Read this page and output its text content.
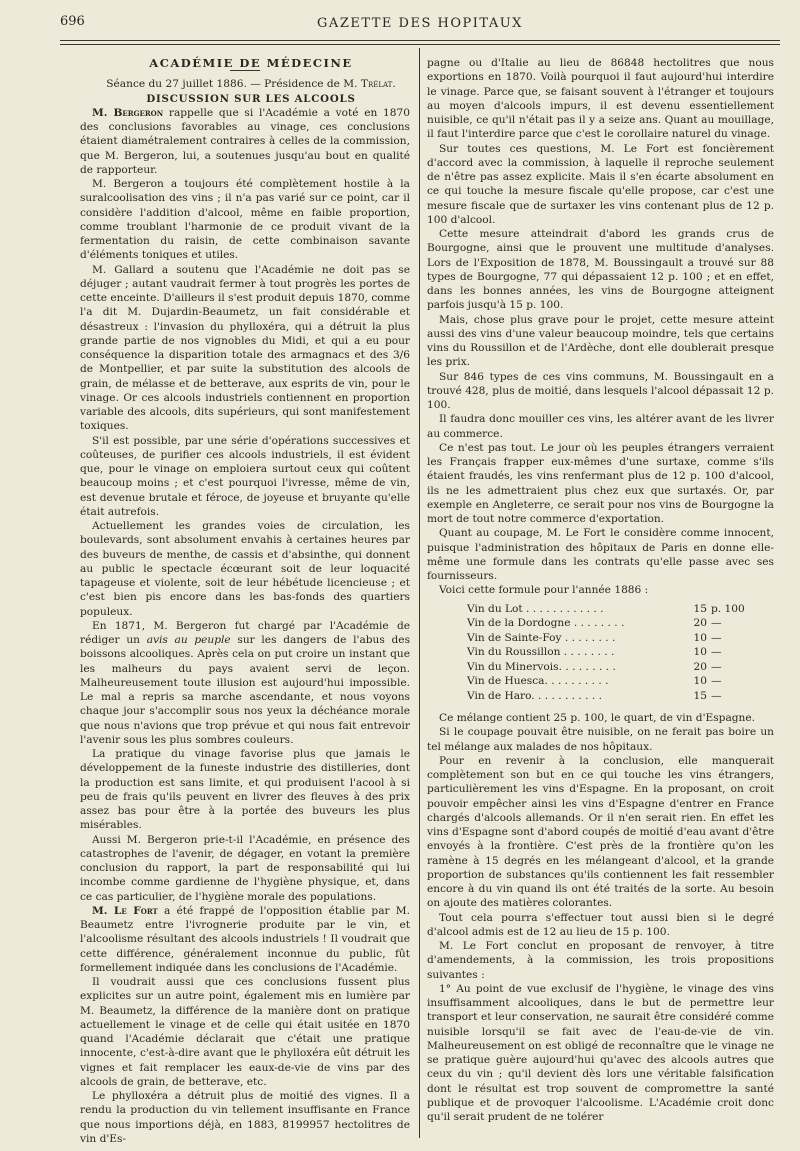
696	GAZETTE DES HOPITAUX

ACADÉMIE DE MÉDECINE

Séance du 27 juillet 1886. — Présidence de M. Trélat.

DISCUSSION SUR LES ALCOOLS

M. Bergeron rappelle que si l'Académie a voté en 1870 des conclusions favorables au vinage, ces conclusions étaient diamétralement contraires à celles de la commission, que M. Bergeron, lui, a soutenues jusqu'au bout en qualité de rapporteur.

M. Bergeron a toujours été complètement hostile à la suralcoolisation des vins ; il n'a pas varié sur ce point, car il considère l'addition d'alcool, même en faible proportion, comme troublant l'harmonie de ce produit vivant de la fermentation du raisin, de cette combinaison savante d'éléments toniques et utiles.

M. Gallard a soutenu que l'Académie ne doit pas se déjuger ; autant vaudrait fermer à tout progrès les portes de cette enceinte. D'ailleurs il s'est produit depuis 1870, comme l'a dit M. Dujardin-Beaumetz, un fait considérable et désastreux : l'invasion du phylloxéra, qui a détruit la plus grande partie de nos vignobles du Midi, et qui a eu pour conséquence la disparition totale des armagnacs et des 3/6 de Montpellier, et par suite la substitution des alcools de grain, de mélasse et de betterave, aux esprits de vin, pour le vinage. Or ces alcools industriels contiennent en proportion variable des alcools, dits supérieurs, qui sont manifestement toxiques.

S'il est possible, par une série d'opérations successives et coûteuses, de purifier ces alcools industriels, il est évident que, pour le vinage on emploiera surtout ceux qui coûtent beaucoup moins ; et c'est pourquoi l'ivresse, même de vin, est devenue brutale et féroce, de joyeuse et bruyante qu'elle était autrefois.

Actuellement les grandes voies de circulation, les boulevards, sont absolument envahis à certaines heures par des buveurs de menthe, de cassis et d'absinthe, qui donnent au public le spectacle écœurant soit de leur loquacité tapageuse et violente, soit de leur hébétude licencieuse ; et c'est bien pis encore dans les bas-fonds des quartiers populeux.

En 1871, M. Bergeron fut chargé par l'Académie de rédiger un avis au peuple sur les dangers de l'abus des boissons alcooliques. Après cela on put croire un instant que les malheurs du pays avaient servi de leçon. Malheureusement toute illusion est aujourd'hui impossible. Le mal a repris sa marche ascendante, et nous voyons chaque jour s'accomplir sous nos yeux la déchéance morale que nous n'avions que trop prévue et qui nous fait entrevoir l'avenir sous les plus sombres couleurs.

La pratique du vinage favorise plus que jamais le développement de la funeste industrie des distilleries, dont la production est sans limite, et qui produisent l'acool à si peu de frais qu'ils peuvent en livrer des fleuves à des prix assez bas pour être à la portée des buveurs les plus misérables.

Aussi M. Bergeron prie-t-il l'Académie, en présence des catastrophes de l'avenir, de dégager, en votant la première conclusion du rapport, la part de responsabilité qui lui incombe comme gardienne de l'hygiène physique, et, dans ce cas particulier, de l'hygiène morale des populations.

M. Le Fort a été frappé de l'opposition établie par M. Beaumetz entre l'ivrognerie produite par le vin, et l'alcoolisme résultant des alcools industriels ! Il voudrait que cette différence, généralement inconnue du public, fût formellement indiquée dans les conclusions de l'Académie.

Il voudrait aussi que ces conclusions fussent plus explicites sur un autre point, également mis en lumière par M. Beaumetz, la différence de la manière dont on pratique actuellement le vinage et de celle qui était usitée en 1870 quand l'Académie déclarait que c'était une pratique innocente, c'est-à-dire avant que le phylloxéra eût détruit les vignes et fait remplacer les eaux-de-vie de vins par des alcools de grain, de betterave, etc.

Le phylloxéra a détruit plus de moitié des vignes. Il a rendu la production du vin tellement insuffisante en France que nous importions déjà, en 1883, 8199957 hectolitres de vin d'Es-

pagne ou d'Italie au lieu de 86848 hectolitres que nous exportions en 1870. Voilà pourquoi il faut aujourd'hui interdire le vinage. Parce que, se faisant souvent à l'étranger et toujours au moyen d'alcools impurs, il est devenu essentiellement nuisible, ce qu'il n'était pas il y a seize ans. Quant au mouillage, il faut l'interdire parce que c'est le corollaire naturel du vinage.

Sur toutes ces questions, M. Le Fort est foncièrement d'accord avec la commission, à laquelle il reproche seulement de n'être pas assez explicite. Mais il s'en écarte absolument en ce qui touche la mesure fiscale qu'elle propose, car c'est une mesure fiscale que de surtaxer les vins contenant plus de 12 p. 100 d'alcool.

Cette mesure atteindrait d'abord les grands crus de Bourgogne, ainsi que le prouvent une multitude d'analyses. Lors de l'Exposition de 1878, M. Boussingault a trouvé sur 88 types de Bourgogne, 77 qui dépassaient 12 p. 100 ; et en effet, dans les bonnes années, les vins de Bourgogne atteignent parfois jusqu'à 15 p. 100.

Mais, chose plus grave pour le projet, cette mesure atteint aussi des vins d'une valeur beaucoup moindre, tels que certains vins du Roussillon et de l'Ardèche, dont elle doublerait presque les prix.

Sur 846 types de ces vins communs, M. Boussingault en a trouvé 428, plus de moitié, dans lesquels l'alcool dépassait 12 p. 100.

Il faudra donc mouiller ces vins, les altérer avant de les livrer au commerce.

Ce n'est pas tout. Le jour où les peuples étrangers verraient les Français frapper eux-mêmes d'une surtaxe, comme s'ils étaient fraudés, les vins renfermant plus de 12 p. 100 d'alcool, ils ne les admettraient plus chez eux que surtaxés. Or, par exemple en Angleterre, ce serait pour nos vins de Bourgogne la mort de tout notre commerce d'exportation.

Quant au coupage, M. Le Fort le considère comme innocent, puisque l'administration des hôpitaux de Paris en donne elle-même une formule dans les contrats qu'elle passe avec ses fournisseurs.

Voici cette formule pour l'année 1886 :

Vin du Lot . . . . . . . . . . . .	15	p. 100
Vin de la Dordogne . . . . . . . .	20	—
Vin de Sainte-Foy . . . . . . . .	10	—
Vin du Roussillon . . . . . . . .	10	—
Vin du Minervois. . . . . . . . .	20	—
Vin de Huesca. . . . . . . . . .	10	—
Vin de Haro. . . . . . . . . . .	15	—

Ce mélange contient 25 p. 100, le quart, de vin d'Espagne.

Si le coupage pouvait être nuisible, on ne ferait pas boire un tel mélange aux malades de nos hôpitaux.

Pour en revenir à la conclusion, elle manquerait complètement son but en ce qui touche les vins étrangers, particulièrement les vins d'Espagne. En la proposant, on croit pouvoir empêcher ainsi les vins d'Espagne d'entrer en France chargés d'alcools allemands. Or il n'en serait rien. En effet les vins d'Espagne sont d'abord coupés de moitié d'eau avant d'être envoyés à la frontière. C'est près de la frontière qu'on les ramène à 15 degrés en les mélangeant d'alcool, et la grande proportion de substances qu'ils contiennent les fait ressembler encore à du vin quand ils ont été traités de la sorte. Au besoin on ajoute des matières colorantes.

Tout cela pourra s'effectuer tout aussi bien si le degré d'alcool admis est de 12 au lieu de 15 p. 100.

M. Le Fort conclut en proposant de renvoyer, à titre d'amendements, à la commission, les trois propositions suivantes :

1° Au point de vue exclusif de l'hygiène, le vinage des vins insuffisamment alcooliques, dans le but de permettre leur transport et leur conservation, ne saurait être considéré comme nuisible lorsqu'il se fait avec de l'eau-de-vie de vin. Malheureusement on est obligé de reconnaître que le vinage ne se pratique guère aujourd'hui qu'avec des alcools autres que ceux du vin ; qu'il devient dès lors une véritable falsification dont le résultat est trop souvent de compromettre la santé publique et de provoquer l'alcoolisme. L'Académie croit donc qu'il serait prudent de ne tolérer
